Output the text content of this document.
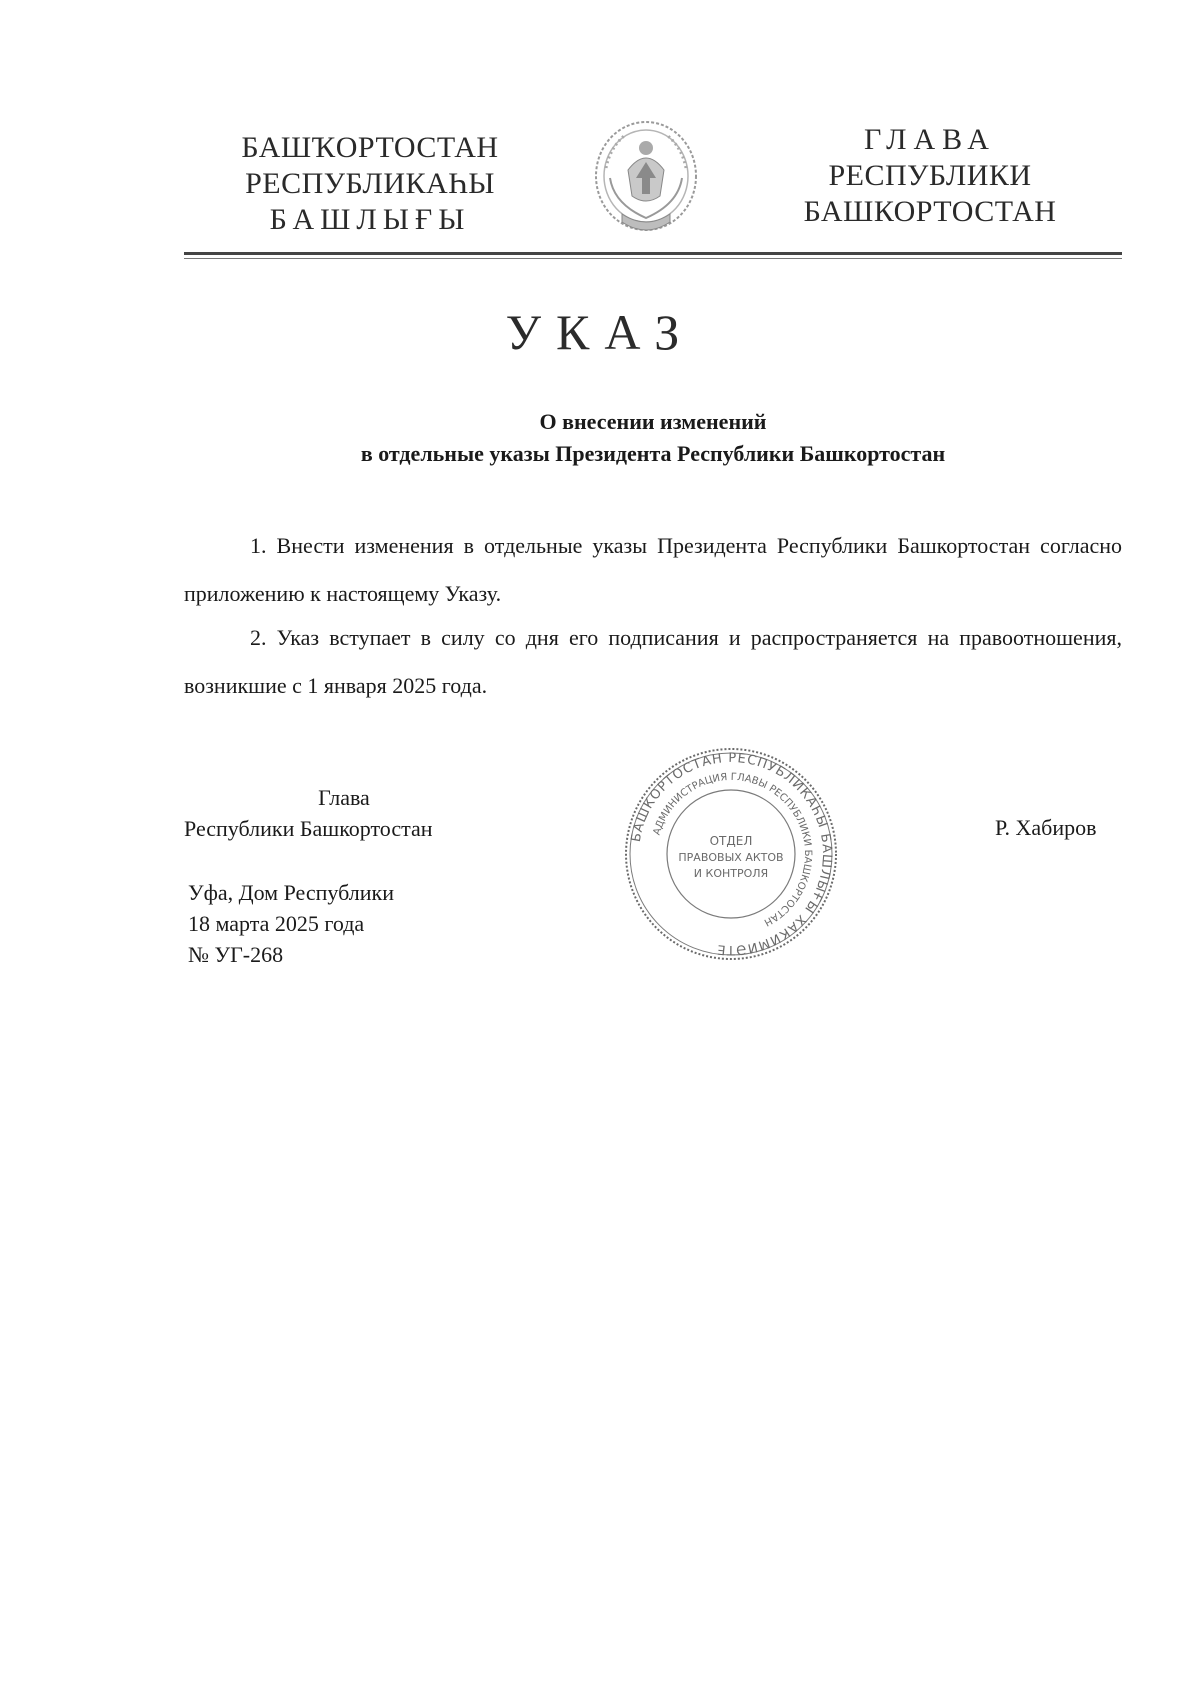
БАШҠОРТОСТАН
РЕСПУБЛИКАҺЫ
БАШЛЫҒЫ
ГЛАВА
РЕСПУБЛИКИ
БАШКОРТОСТАН
УКАЗ
О внесении изменений
в отдельные указы Президента Республики Башкортостан
1. Внести изменения в отдельные указы Президента Республики Башкортостан согласно приложению к настоящему Указу.
2. Указ вступает в силу со дня его подписания и распространяется на правоотношения, возникшие с 1 января 2025 года.
Глава
Республики Башкортостан	БАШКОРТОСТАН РЕСПУБЛИКАҺЫ БАШЛЫҒЫ ХАКИМИӘТЕ
АДМИНИСТРАЦИЯ ГЛАВЫ РЕСПУБЛИКИ БАШКОРТОСТАН
ОТДЕЛ
ПРАВОВЫХ АКТОВ
И КОНТРОЛЯ
Р. Хабиров
Уфа, Дом Республики
18 марта 2025 года
№ УГ-268
